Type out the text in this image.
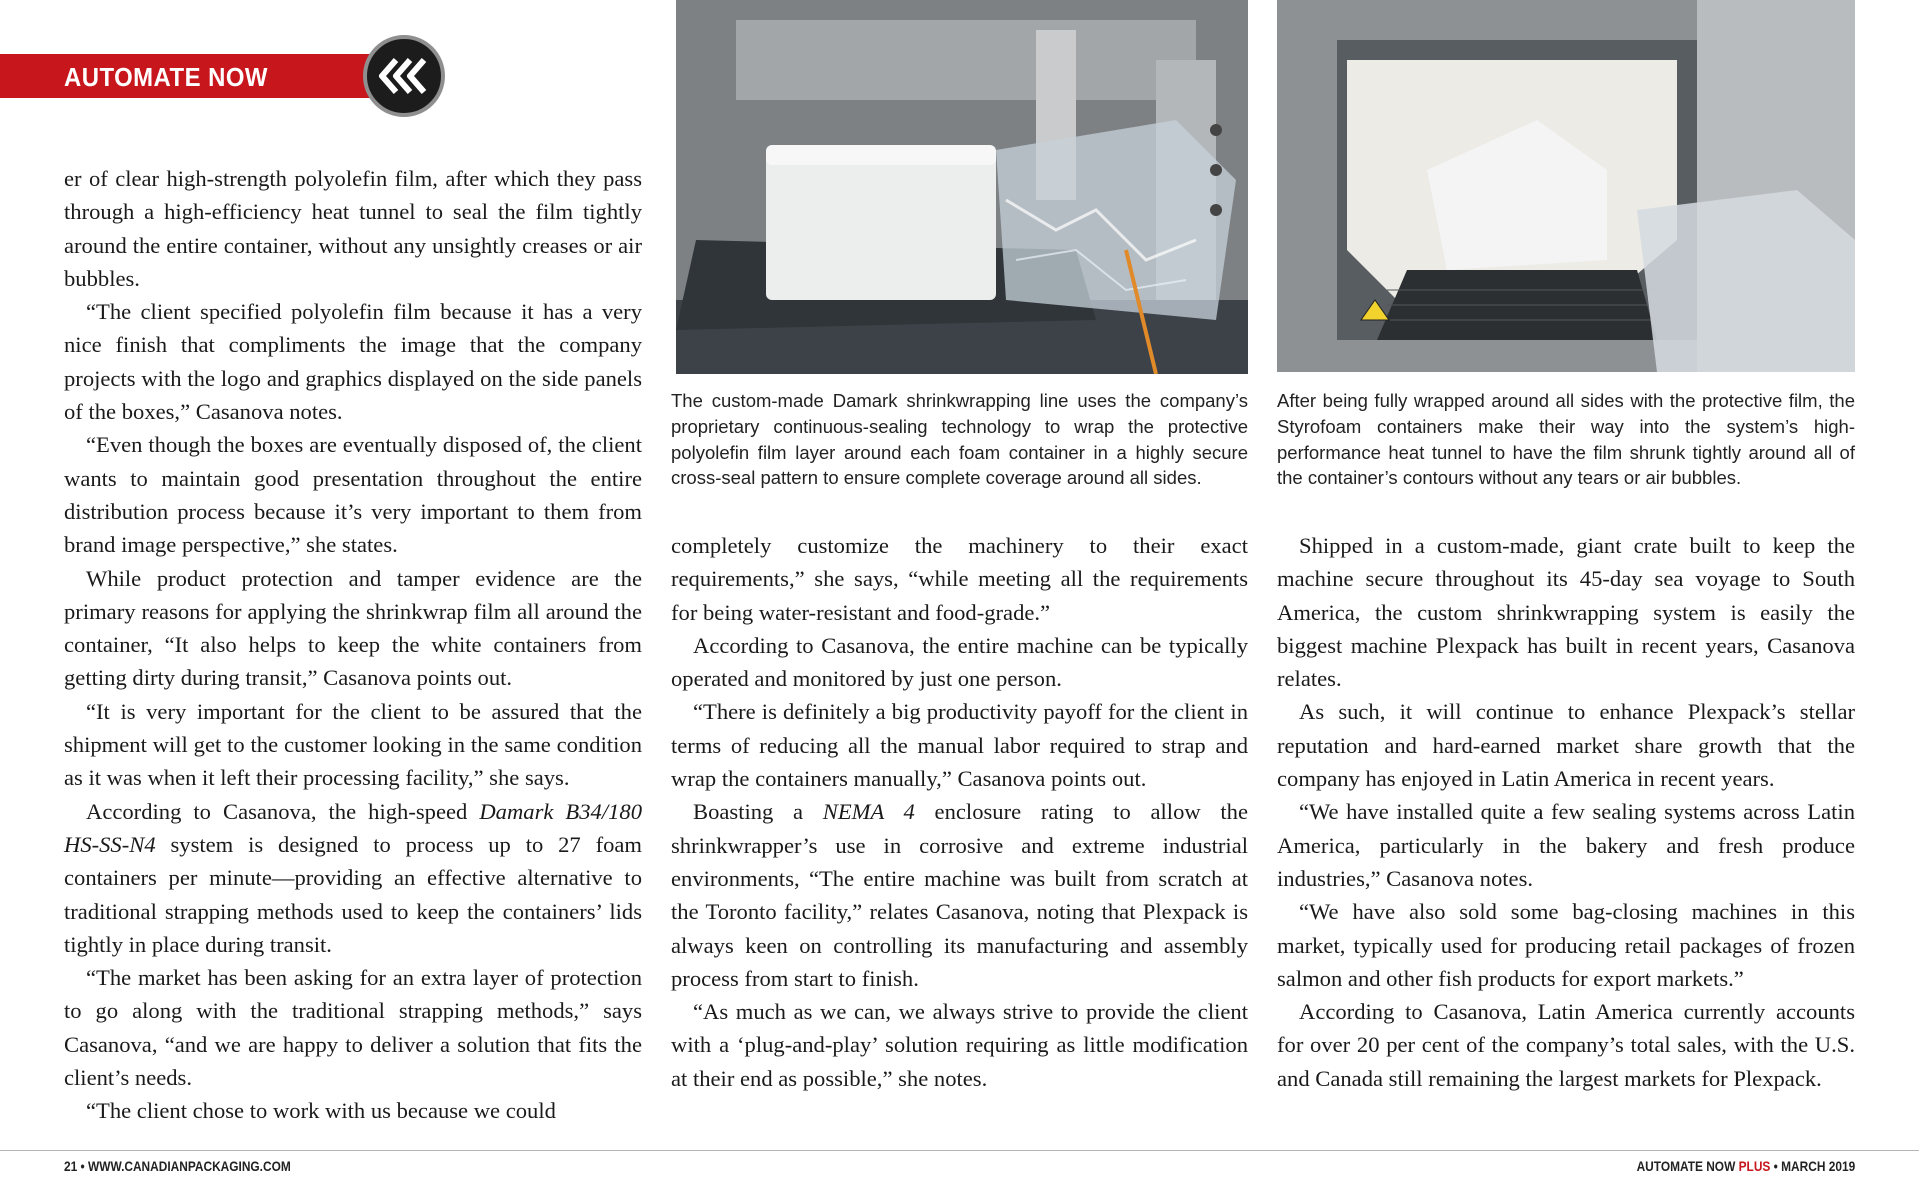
AUTOMATE NOW

er of clear high-strength polyolefin film, after which they pass through a high-efficiency heat tunnel to seal the film tightly around the entire container, without any unsightly creases or air bubbles.

“The client specified polyolefin film because it has a very nice finish that compliments the image that the company projects with the logo and graphics displayed on the side panels of the boxes,” Casanova notes.

“Even though the boxes are eventually disposed of, the client wants to maintain good presentation throughout the entire distribution process because it’s very important to them from brand image perspective,” she states.

While product protection and tamper evidence are the primary reasons for applying the shrinkwrap film all around the container, “It also helps to keep the white containers from getting dirty during transit,” Casanova points out.

“It is very important for the client to be assured that the shipment will get to the customer looking in the same condition as it was when it left their processing facility,” she says.

According to Casanova, the high-speed Damark B34/180 HS-SS-N4 system is designed to process up to 27 foam containers per minute—providing an effective alternative to traditional strapping methods used to keep the containers’ lids tightly in place during transit.

“The market has been asking for an extra layer of protection to go along with the traditional strapping methods,” says Casanova, “and we are happy to deliver a solution that fits the client’s needs.

“The client chose to work with us because we could

The custom-made Damark shrinkwrapping line uses the company’s proprietary continuous-sealing technology to wrap the protective polyolefin film layer around each foam container in a highly secure cross-seal pattern to ensure complete coverage around all sides.
After being fully wrapped around all sides with the protective film, the Styrofoam containers make their way into the system’s high-performance heat tunnel to have the film shrunk tightly around all of the container’s contours without any tears or air bubbles.

completely customize the machinery to their exact requirements,” she says, “while meeting all the requirements for being water-resistant and food-grade.”

According to Casanova, the entire machine can be typically operated and monitored by just one person.

“There is definitely a big productivity payoff for the client in terms of reducing all the manual labor required to strap and wrap the containers manually,” Casanova points out.

Boasting a NEMA 4 enclosure rating to allow the shrinkwrapper’s use in corrosive and extreme industrial environments, “The entire machine was built from scratch at the Toronto facility,” relates Casanova, noting that Plexpack is always keen on controlling its manufacturing and assembly process from start to finish.

“As much as we can, we always strive to provide the client with a ‘plug-and-play’ solution requiring as little modification at their end as possible,” she notes.

Shipped in a custom-made, giant crate built to keep the machine secure throughout its 45-day sea voyage to South America, the custom shrinkwrapping system is easily the biggest machine Plexpack has built in recent years, Casanova relates.

As such, it will continue to enhance Plexpack’s stellar reputation and hard-earned market share growth that the company has enjoyed in Latin America in recent years.

“We have installed quite a few sealing systems across Latin America, particularly in the bakery and fresh produce industries,” Casanova notes.

“We have also sold some bag-closing machines in this market, typically used for producing retail packages of frozen salmon and other fish products for export markets.”

According to Casanova, Latin America currently accounts for over 20 per cent of the company’s total sales, with the U.S. and Canada still remaining the largest markets for Plexpack.

21 • WWW.CANADIANPACKAGING.COM	AUTOMATE NOW PLUS • MARCH 2019
